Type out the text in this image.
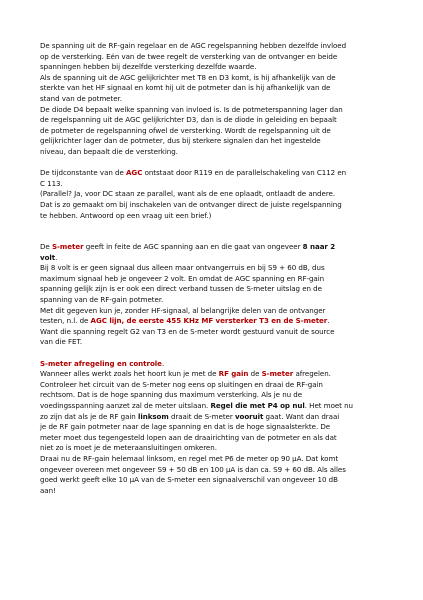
De spanning uit de RF-gain regelaar en de AGC regelspanning hebben dezelfde invloed

op de versterking. Eén van de twee regelt de versterking van de ontvanger en beide

spanningen hebben bij dezelfde versterking dezelfde waarde.

Als de spanning uit de AGC gelijkrichter met T8 en D3 komt, is hij afhankelijk van de

sterkte van het HF signaal en komt hij uit de potmeter dan is hij afhankelijk van de

stand van de potmeter.

De diode D4 bepaalt welke spanning van invloed is. Is de potmeterspanning lager dan

de regelspanning uit de AGC gelijkrichter D3, dan is de diode in geleiding en bepaalt

de potmeter de regelspanning ofwel de versterking. Wordt de regelspanning uit de

gelijkrichter lager dan de potmeter, dus bij sterkere signalen dan het ingestelde

niveau, dan bepaalt die de versterking.

De tijdconstante van de AGC ontstaat door R119 en de parallelschakeling van C112 en

C 113.

(Parallel? Ja, voor DC staan ze parallel, want als de ene oplaadt, ontlaadt de andere.

Dat is zo gemaakt om bij inschakelen van de ontvanger direct de juiste regelspanning

te hebben. Antwoord op een vraag uit een brief.)

De S-meter geeft in feite de AGC spanning aan en die gaat van ongeveer 8 naar 2

volt.

Bij 8 volt is er geen signaal dus alleen maar ontvangerruis en bij S9 + 60 dB, dus

maximum signaal heb je ongeveer 2 volt. En omdat de AGC spanning en RF-gain

spanning gelijk zijn is er ook een direct verband tussen de S-meter uitslag en de

spanning van de RF-gain potmeter.

Met dit gegeven kun je, zonder HF-signaal, al belangrijke delen van de ontvanger

testen, n.l. de AGC lijn, de eerste 455 KHz MF versterker T3 en de S-meter.

Want die spanning regelt G2 van T3 en de S-meter wordt gestuurd vanuit de source

van die FET.

S-meter afregeling en controle.

Wanneer alles werkt zoals het hoort kun je met de RF gain de S-meter afregelen.

Controleer het circuit van de S-meter nog eens op sluitingen en draai de RF-gain

rechtsom. Dat is de hoge spanning dus maximum versterking. Als je nu de

voedingsspanning aanzet zal de meter uitslaan. Regel die met P4 op nul. Het moet nu

zo zijn dat als je de RF gain linksom draait de S-meter vooruit gaat. Want dan draai

je de RF gain potmeter naar de lage spanning en dat is de hoge signaalsterkte. De

meter moet dus tegengesteld lopen aan de draairichting van de potmeter en als dat

niet zo is moet je de meteraansluitingen omkeren.

Draai nu de RF-gain helemaal linksom, en regel met P6 de meter op 90 µA. Dat komt

ongeveer overeen met ongeveer S9 + 50 dB en 100 µA is dan ca. S9 + 60 dB. Als alles

goed werkt geeft elke 10 µA van de S-meter een signaalverschil van ongeveer 10 dB

aan!
